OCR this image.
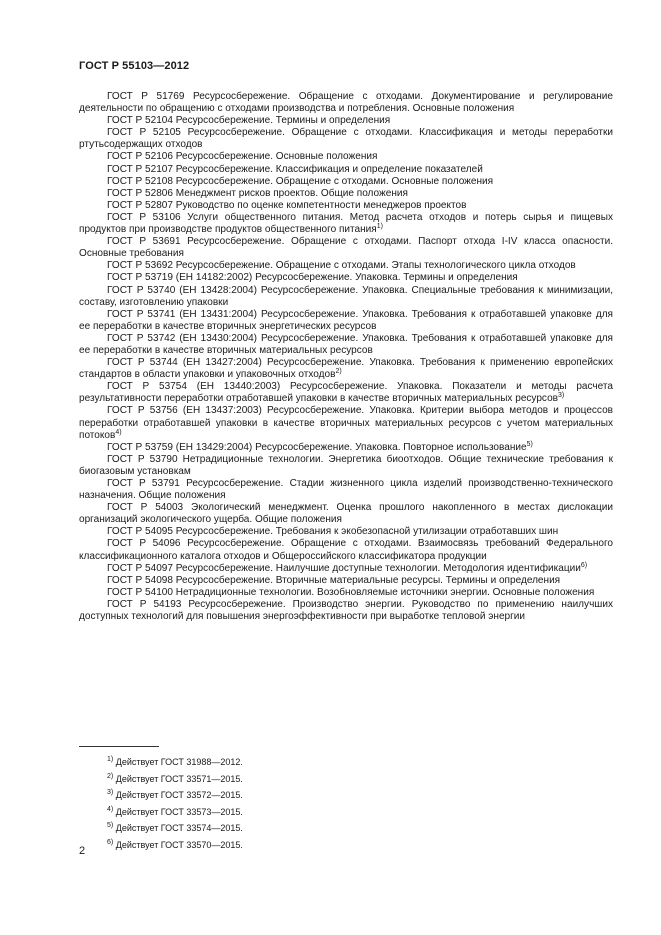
ГОСТ Р 55103—2012

ГОСТ Р 51769 Ресурсосбережение. Обращение с отходами. Документирование и регулирование деятельности по обращению с отходами производства и потребления. Основные положения

ГОСТ Р 52104 Ресурсосбережение. Термины и определения

ГОСТ Р 52105 Ресурсосбережение. Обращение с отходами. Классификация и методы переработки ртутьсодержащих отходов

ГОСТ Р 52106 Ресурсосбережение. Основные положения

ГОСТ Р 52107 Ресурсосбережение. Классификация и определение показателей

ГОСТ Р 52108 Ресурсосбережение. Обращение с отходами. Основные положения

ГОСТ Р 52806 Менеджмент рисков проектов. Общие положения

ГОСТ Р 52807 Руководство по оценке компетентности менеджеров проектов

ГОСТ Р 53106 Услуги общественного питания. Метод расчета отходов и потерь сырья и пищевых продуктов при производстве продуктов общественного питания$^{1)}$

ГОСТ Р 53691 Ресурсосбережение. Обращение с отходами. Паспорт отхода I-IV класса опасности. Основные требования

ГОСТ Р 53692 Ресурсосбережение. Обращение с отходами. Этапы технологического цикла отходов

ГОСТ Р 53719 (ЕН 14182:2002) Ресурсосбережение. Упаковка. Термины и определения

ГОСТ Р 53740 (ЕН 13428:2004) Ресурсосбережение. Упаковка. Специальные требования к минимизации, составу, изготовлению упаковки

ГОСТ Р 53741 (ЕН 13431:2004) Ресурсосбережение. Упаковка. Требования к отработавшей упаковке для ее переработки в качестве вторичных энергетических ресурсов

ГОСТ Р 53742 (ЕН 13430:2004) Ресурсосбережение. Упаковка. Требования к отработавшей упаковке для ее переработки в качестве вторичных материальных ресурсов

ГОСТ Р 53744 (ЕН 13427:2004) Ресурсосбережение. Упаковка. Требования к применению европейских стандартов в области упаковки и упаковочных отходов$^{2)}$

ГОСТ Р 53754 (ЕН 13440:2003) Ресурсосбережение. Упаковка. Показатели и методы расчета результативности переработки отработавшей упаковки в качестве вторичных материальных ресурсов$^{3)}$

ГОСТ Р 53756 (ЕН 13437:2003) Ресурсосбережение. Упаковка. Критерии выбора методов и процессов переработки отработавшей упаковки в качестве вторичных материальных ресурсов с учетом материальных потоков$^{4)}$

ГОСТ Р 53759 (ЕН 13429:2004) Ресурсосбережение. Упаковка. Повторное использование$^{5)}$

ГОСТ Р 53790 Нетрадиционные технологии. Энергетика биоотходов. Общие технические требования к биогазовым установкам

ГОСТ Р 53791 Ресурсосбережение. Стадии жизненного цикла изделий производственно-технического назначения. Общие положения

ГОСТ Р 54003 Экологический менеджмент. Оценка прошлого накопленного в местах дислокации организаций экологического ущерба. Общие положения

ГОСТ Р 54095 Ресурсосбережение. Требования к экобезопасной утилизации отработавших шин

ГОСТ Р 54096 Ресурсосбережение. Обращение с отходами. Взаимосвязь требований Федерального классификационного каталога отходов и Общероссийского классификатора продукции

ГОСТ Р 54097 Ресурсосбережение. Наилучшие доступные технологии. Методология идентификации$^{6)}$

ГОСТ Р 54098 Ресурсосбережение. Вторичные материальные ресурсы. Термины и определения

ГОСТ Р 54100 Нетрадиционные технологии. Возобновляемые источники энергии. Основные положения

ГОСТ Р 54193 Ресурсосбережение. Производство энергии. Руководство по применению наилучших доступных технологий для повышения энергоэффективности при выработке тепловой энергии

$^{1)}$ Действует ГОСТ 31988—2012.

$^{2)}$ Действует ГОСТ 33571—2015.

$^{3)}$ Действует ГОСТ 33572—2015.

$^{4)}$ Действует ГОСТ 33573—2015.

$^{5)}$ Действует ГОСТ 33574—2015.

$^{6)}$ Действует ГОСТ 33570—2015.

2
